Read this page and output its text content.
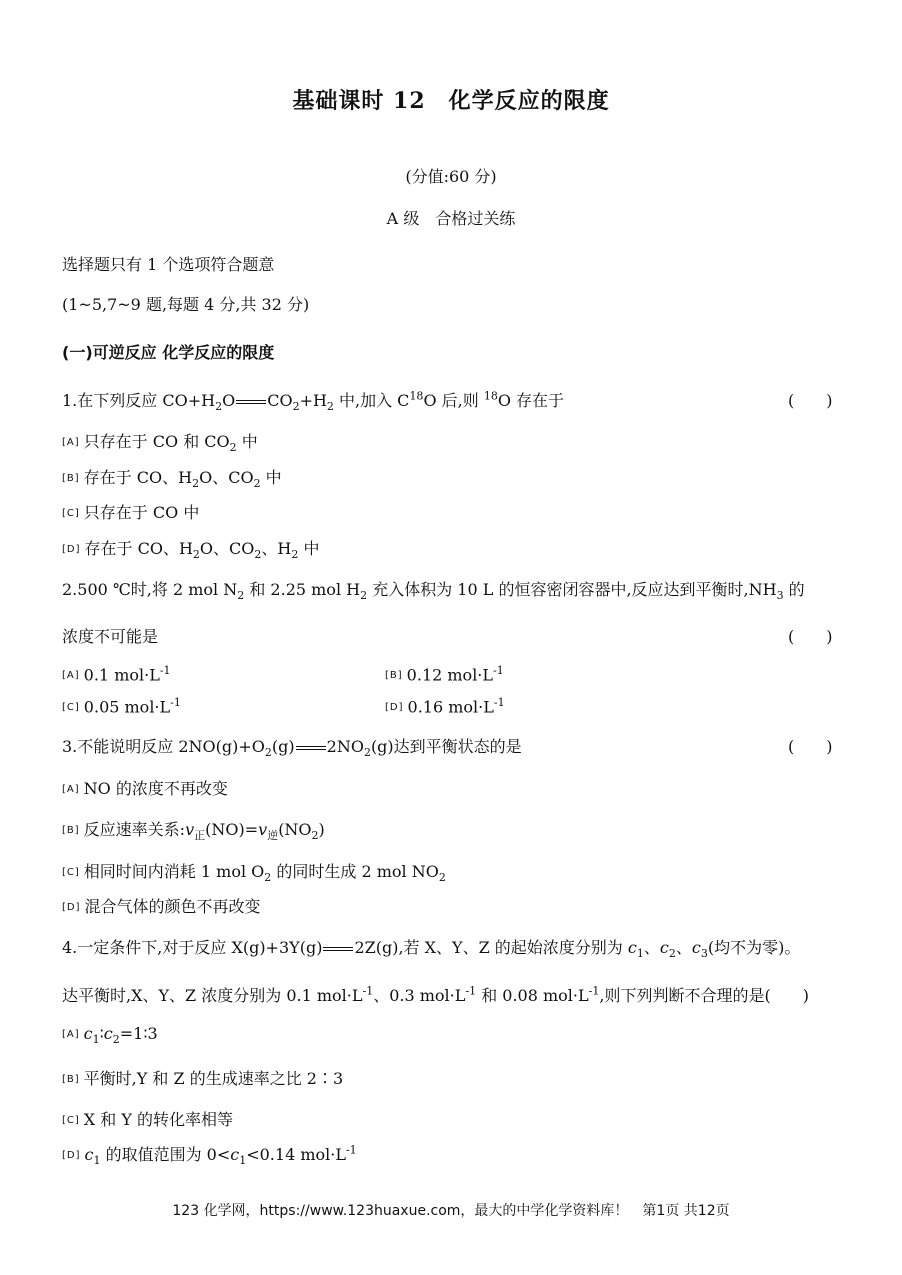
基础课时 12　化学反应的限度
(分值:60 分)
A 级　合格过关练
选择题只有 1 个选项符合题意
(1~5,7~9 题,每题 4 分,共 32 分)
(一)可逆反应 化学反应的限度
1.在下列反应 $CO+H_2O$ $CO_2+H_2$ 中,加入 $C^{18}O$ 后,则 $^{18}$O 存在于	(　　)
[A] 只存在于 CO 和 $CO_2$ 中
[B] 存在于 CO、$H_2O$、$CO_2$ 中
[C] 只存在于 CO 中
[D] 存在于 CO、$H_2O$、$CO_2$、$H_2$ 中
2.500 ℃时,将 2 mol $N_2$ 和 2.25 mol $H_2$ 充入体积为 10 L 的恒容密闭容器中,反应达到平衡时$,NH_3$ 的
浓度不可能是	(　　)
[A] 0.1 $mol\cdot L^{-1}$	[B] 0.12 $mol\cdot L^{-1}$
[C] 0.05 $mol\cdot L^{-1}$	[D] 0.16 $mol\cdot L^{-1}$
3.不能说明反应 $2NO(g)+O_2(g)$ $2NO_2(g)$达到平衡状态的是	(　　)
[A] NO 的浓度不再改变
[B] 反应速率关系$:v_正(NO)=v_逆(NO_2)$
[C] 相同时间内消耗 1 mol $O_2$ 的同时生成 2 mol $NO_2$
[D] 混合气体的颜色不再改变
4.一定条件下,对于反应 X(g)+3Y(g) 2Z(g),若 X、Y、Z 的起始浓度分别为 $c_1$、$c_2$、$c_3$(均不为零)。
达平衡时,X、Y、Z 浓度分别为 0.1 $mol\cdot L^{-1}$、0.3 $mol\cdot L^{-1}$ 和 0.08 $mol\cdot L^{-1}$,则下列判断不合理的是(　　)
[A] $c_1∶c_2=1∶3$
[B] 平衡时,Y 和 Z 的生成速率之比 2∶3
[C] X 和 Y 的转化率相等
[D] $c_1$ 的取值范围为 $0<c_1<0.14$ $mol\cdot L^{-1}$
123 化学网，https://www.123huaxue.com，最大的中学化学资料库！　第1页 共12页
